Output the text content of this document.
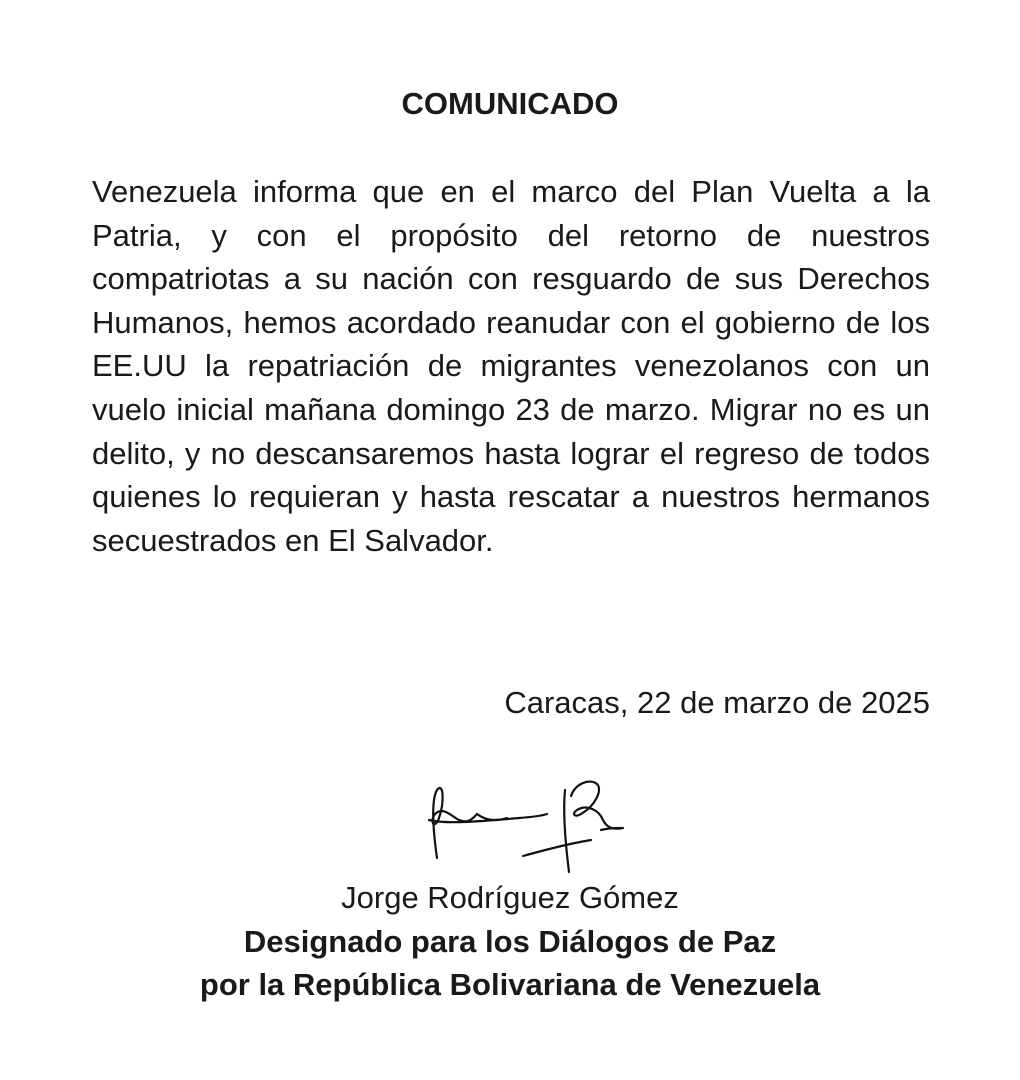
COMUNICADO

Venezuela informa que en el marco del Plan Vuelta a la Patria, y con el propósito del retorno de nuestros compatriotas a su nación con resguardo de sus Derechos Humanos, hemos acordado reanudar con el gobierno de los EE.UU la repatriación de migrantes venezolanos con un vuelo inicial mañana domingo 23 de marzo. Migrar no es un delito, y no descansaremos hasta lograr el regreso de todos quienes lo requieran y hasta rescatar a nuestros hermanos secuestrados en El Salvador.

Caracas, 22 de marzo de 2025

Jorge Rodríguez Gómez

Designado para los Diálogos de Paz

por la República Bolivariana de Venezuela
